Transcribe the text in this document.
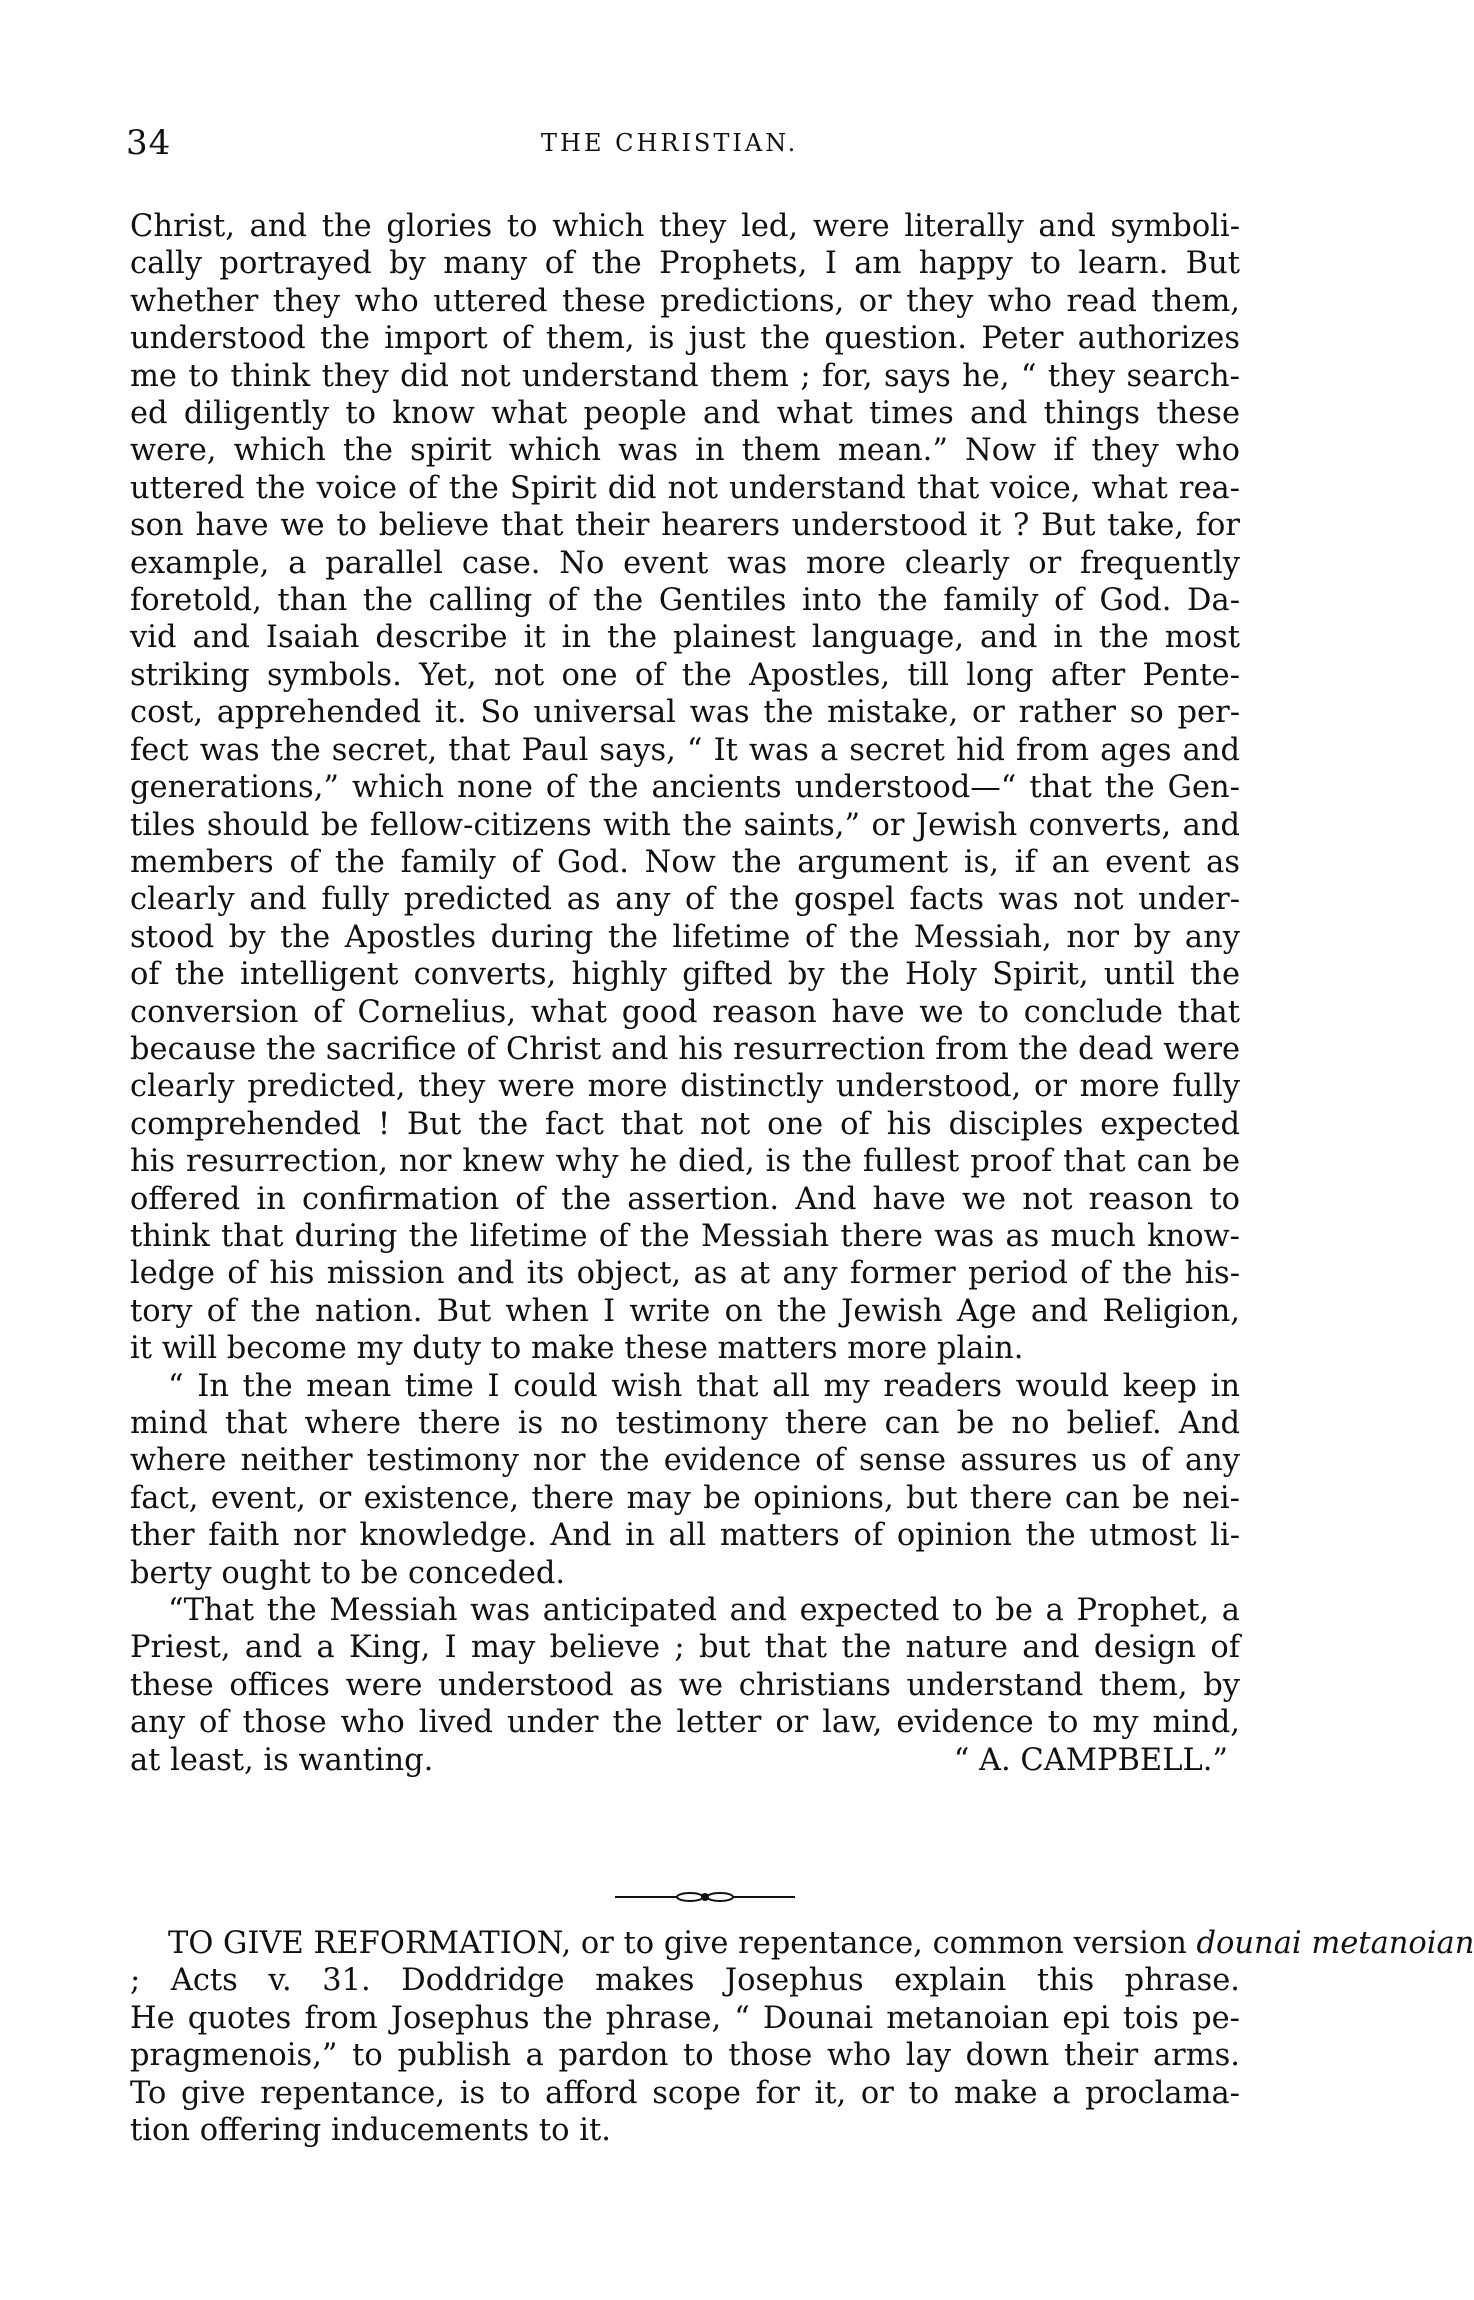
34	THE CHRISTIAN.
Christ, and the glories to which they led, were literally and symboli-
cally portrayed by many of the Prophets, I am happy to learn. But
whether they who uttered these predictions, or they who read them,
understood the import of them, is just the question. Peter authorizes
me to think they did not understand them ; for, says he, “ they search-
ed diligently to know what people and what times and things these
were, which the spirit which was in them mean.” Now if they who
uttered the voice of the Spirit did not understand that voice, what rea-
son have we to believe that their hearers understood it ? But take, for
example, a parallel case. No event was more clearly or frequently
foretold, than the calling of the Gentiles into the family of God. Da-
vid and Isaiah describe it in the plainest language, and in the most
striking symbols. Yet, not one of the Apostles, till long after Pente-
cost, apprehended it. So universal was the mistake, or rather so per-
fect was the secret, that Paul says, “ It was a secret hid from ages and
generations,” which none of the ancients understood—“ that the Gen-
tiles should be fellow-citizens with the saints,” or Jewish converts, and
members of the family of God. Now the argument is, if an event as
clearly and fully predicted as any of the gospel facts was not under-
stood by the Apostles during the lifetime of the Messiah, nor by any
of the intelligent converts, highly gifted by the Holy Spirit, until the
conversion of Cornelius, what good reason have we to conclude that
because the sacrifice of Christ and his resurrection from the dead were
clearly predicted, they were more distinctly understood, or more fully
comprehended ! But the fact that not one of his disciples expected
his resurrection, nor knew why he died, is the fullest proof that can be
offered in confirmation of the assertion. And have we not reason to
think that during the lifetime of the Messiah there was as much know-
ledge of his mission and its object, as at any former period of the his-
tory of the nation. But when I write on the Jewish Age and Religion,
it will become my duty to make these matters more plain.
“ In the mean time I could wish that all my readers would keep in
mind that where there is no testimony there can be no belief. And
where neither testimony nor the evidence of sense assures us of any
fact, event, or existence, there may be opinions, but there can be nei-
ther faith nor knowledge. And in all matters of opinion the utmost li-
berty ought to be conceded.
“That the Messiah was anticipated and expected to be a Prophet, a
Priest, and a King, I may believe ; but that the nature and design of
these offices were understood as we christians understand them, by
any of those who lived under the letter or law, evidence to my mind,
at least, is wanting.	“ A. CAMPBELL.”
TO GIVE REFORMATION, or to give repentance, common version dounai metanoian
; Acts v. 31. Doddridge makes Josephus explain this phrase.
He quotes from Josephus the phrase, “ Dounai metanoian epi tois pe-
pragmenois,” to publish a pardon to those who lay down their arms.
To give repentance, is to afford scope for it, or to make a proclama-
tion offering inducements to it.
